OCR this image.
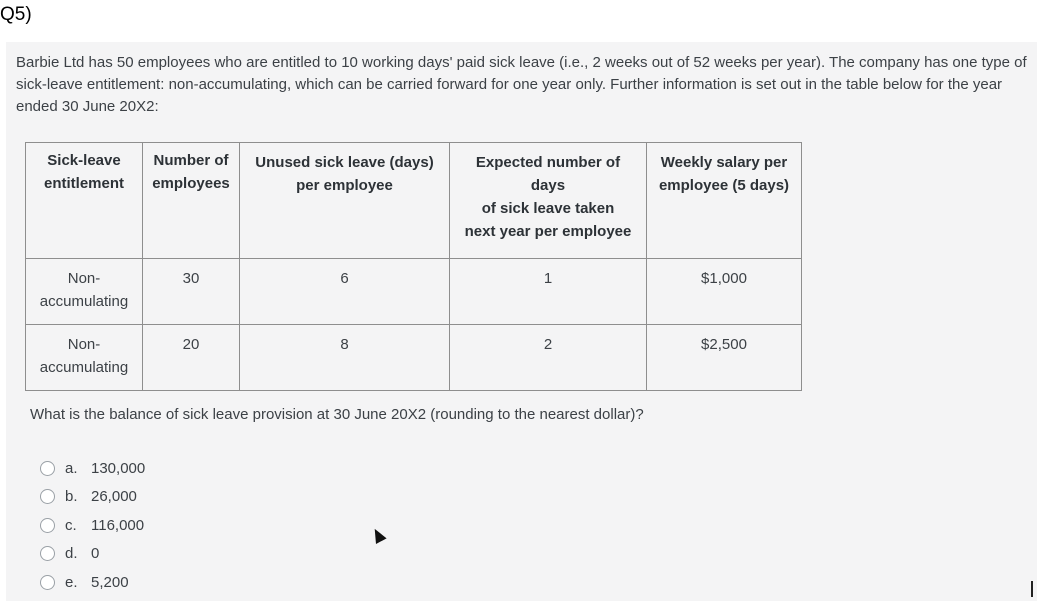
Q5)
Barbie Ltd has 50 employees who are entitled to 10 working days' paid sick leave (i.e., 2 weeks out of 52 weeks per year). The company has one type of sick-leave entitlement: non-accumulating, which can be carried forward for one year only. Further information is set out in the table below for the year ended 30 June 20X2:
Sick-leave entitlement	Number of employees	Unused sick leave (days) per employee	Expected number of days
of sick leave taken
next year per employee	Weekly salary per employee (5 days)
Non-accumulating	30	6	1	$1,000
Non-accumulating	20	8	2	$2,500
What is the balance of sick leave provision at 30 June 20X2 (rounding to the nearest dollar)?
a. 130,000
b. 26,000
c. 116,000
d. 0
e. 5,200
